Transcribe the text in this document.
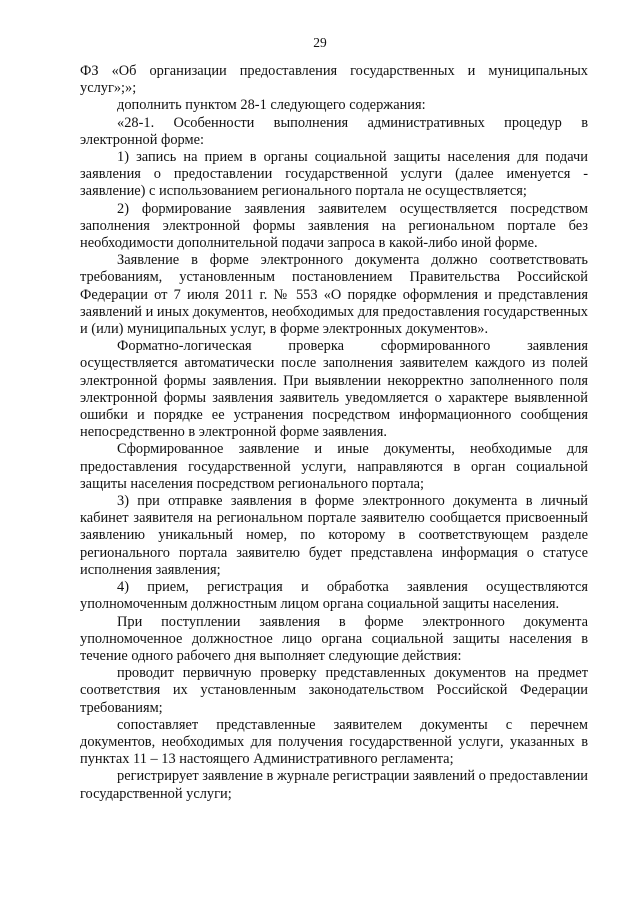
29

ФЗ «Об организации предоставления государственных и муниципальных услуг»;»;

дополнить пунктом 28-1 следующего содержания:

«28-1. Особенности выполнения административных процедур в электронной форме:

1) запись на прием в органы социальной защиты населения для подачи заявления о предоставлении государственной услуги (далее именуется - заявление) с использованием регионального портала не осуществляется;

2) формирование заявления заявителем осуществляется посредством заполнения электронной формы заявления на региональном портале без необходимости дополнительной подачи запроса в какой-либо иной форме.

Заявление в форме электронного документа должно соответствовать требованиям, установленным постановлением Правительства Российской Федерации от 7 июля 2011 г. № 553 «О порядке оформления и представления заявлений и иных документов, необходимых для предоставления государственных и (или) муниципальных услуг, в форме электронных документов».

Форматно-логическая проверка сформированного заявления осуществляется автоматически после заполнения заявителем каждого из полей электронной формы заявления. При выявлении некорректно заполненного поля электронной формы заявления заявитель уведомляется о характере выявленной ошибки и порядке ее устранения посредством информационного сообщения непосредственно в электронной форме заявления.

Сформированное заявление и иные документы, необходимые для предоставления государственной услуги, направляются в орган социальной защиты населения посредством регионального портала;

3) при отправке заявления в форме электронного документа в личный кабинет заявителя на региональном портале заявителю сообщается присвоенный заявлению уникальный номер, по которому в соответствующем разделе регионального портала заявителю будет представлена информация о статусе исполнения заявления;

4) прием, регистрация и обработка заявления осуществляются уполномоченным должностным лицом органа социальной защиты населения.

При поступлении заявления в форме электронного документа уполномоченное должностное лицо органа социальной защиты населения в течение одного рабочего дня выполняет следующие действия:

проводит первичную проверку представленных документов на предмет соответствия их установленным законодательством Российской Федерации требованиям;

сопоставляет представленные заявителем документы с перечнем документов, необходимых для получения государственной услуги, указанных в пунктах 11 – 13 настоящего Административного регламента;

регистрирует заявление в журнале регистрации заявлений о предоставлении государственной услуги;
